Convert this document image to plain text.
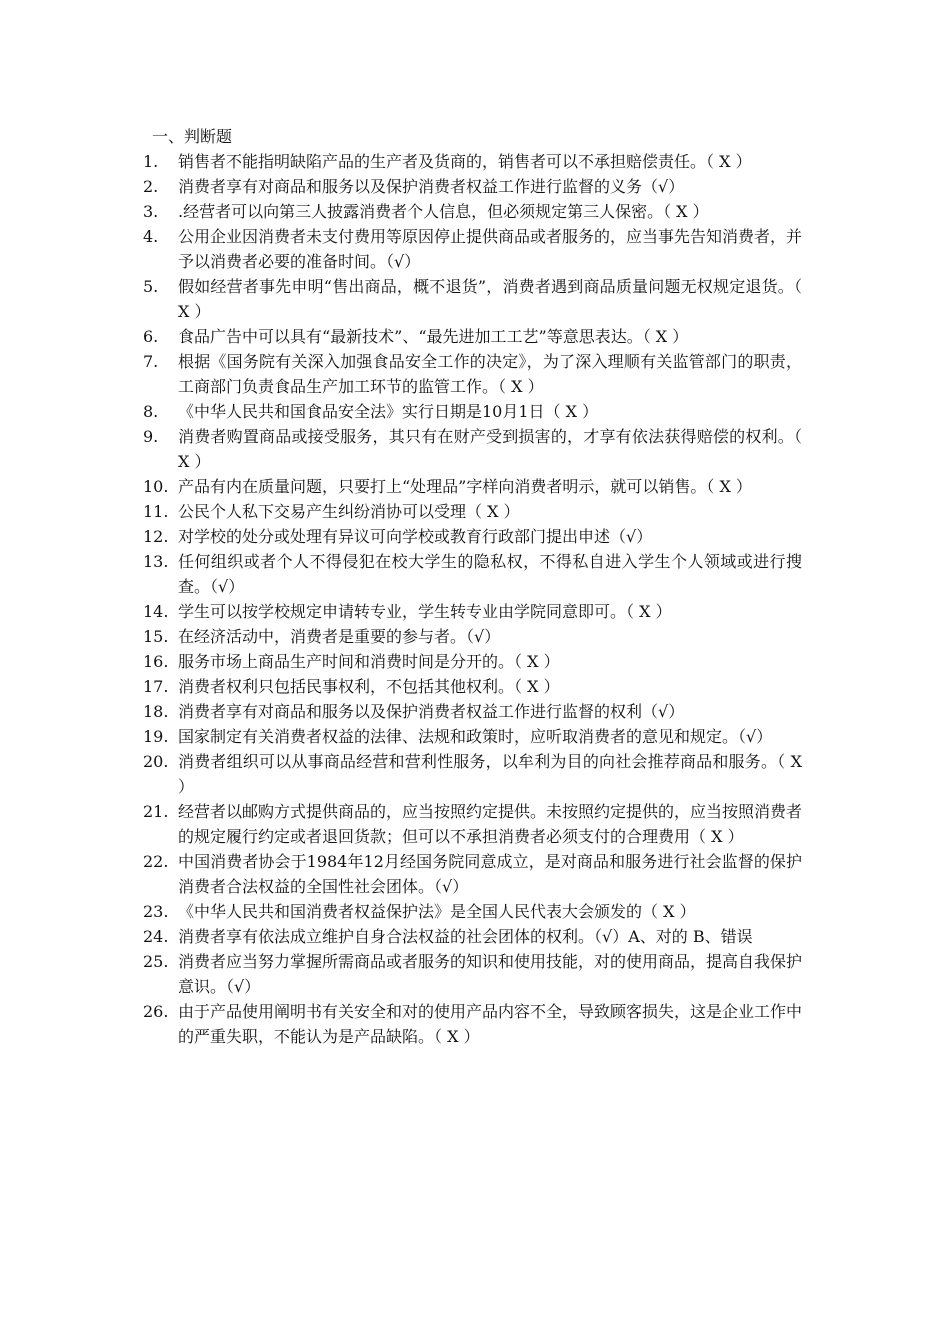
一、判断题
1.	销售者不能指明缺陷产品的生产者及货商的，销售者可以不承担赔偿责任。（ X ）
2.	消费者享有对商品和服务以及保护消费者权益工作进行监督的义务（√）
3.	.经营者可以向第三人披露消费者个人信息，但必须规定第三人保密。（ X ）
4.	公用企业因消费者未支付费用等原因停止提供商品或者服务的，应当事先告知消费者，并予以消费者必要的准备时间。（√）
5.	假如经营者事先申明“售出商品，概不退货”，消费者遇到商品质量问题无权规定退货。（ X ）
6.	食品广告中可以具有“最新技术”、“最先进加工工艺”等意思表达。（ X ）
7.	根据《国务院有关深入加强食品安全工作的决定》，为了深入理顺有关监管部门的职责，工商部门负责食品生产加工环节的监管工作。（ X ）
8.	《中华人民共和国食品安全法》实行日期是10月1日（ X ）
9.	消费者购置商品或接受服务，其只有在财产受到损害的，才享有依法获得赔偿的权利。（ X ）
10. 产品有内在质量问题，只要打上“处理品”字样向消费者明示，就可以销售。（ X ）
11. 公民个人私下交易产生纠纷消协可以受理（ X ）
12. 对学校的处分或处理有异议可向学校或教育行政部门提出申述（√）
13. 任何组织或者个人不得侵犯在校大学生的隐私权，不得私自进入学生个人领域或进行搜查。（√）
14. 学生可以按学校规定申请转专业，学生转专业由学院同意即可。（ X ）
15. 在经济活动中，消费者是重要的参与者。（√）
16. 服务市场上商品生产时间和消费时间是分开的。（ X ）
17. 消费者权利只包括民事权利，不包括其他权利。（ X ）
18. 消费者享有对商品和服务以及保护消费者权益工作进行监督的权利（√）
19. 国家制定有关消费者权益的法律、法规和政策时，应听取消费者的意见和规定。（√）
20. 消费者组织可以从事商品经营和营利性服务，以牟利为目的向社会推荐商品和服务。（ X ）
21. 经营者以邮购方式提供商品的，应当按照约定提供。未按照约定提供的，应当按照消费者的规定履行约定或者退回货款；但可以不承担消费者必须支付的合理费用（ X ）
22. 中国消费者协会于1984年12月经国务院同意成立，是对商品和服务进行社会监督的保护消费者合法权益的全国性社会团体。（√）
23. 《中华人民共和国消费者权益保护法》是全国人民代表大会颁发的（ X ）
24. 消费者享有依法成立维护自身合法权益的社会团体的权利。（√）A、对的 B、错误
25. 消费者应当努力掌握所需商品或者服务的知识和使用技能，对的使用商品，提高自我保护意识。（√）
26. 由于产品使用阐明书有关安全和对的使用产品内容不全，导致顾客损失，这是企业工作中的严重失职，不能认为是产品缺陷。（ X ）
